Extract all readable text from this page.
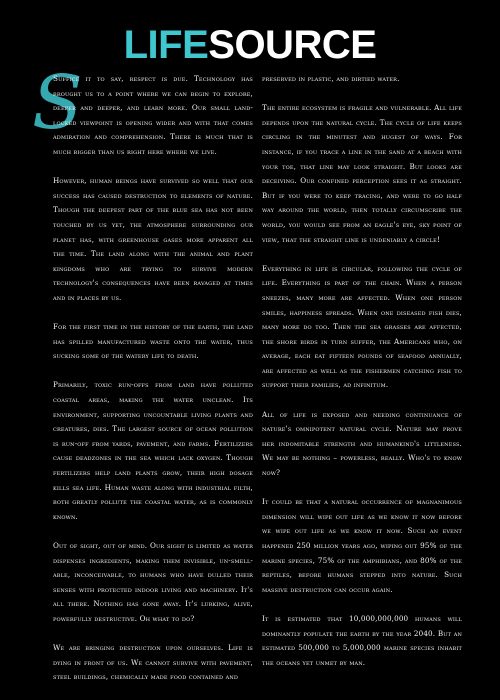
LIFESOURCE
S

Suffice it to say, respect is due. Technology has brought us to a point where we can begin to explore, deeper and deeper, and learn more. Our small land-locked viewpoint is opening wider and with that comes admiration and comprehension. There is much that is much bigger than us right here where we live.

However, human beings have survived so well that our success has caused destruction to elements of nature. Though the deepest part of the blue sea has not been touched by us yet, the atmosphere surrounding our planet has, with greenhouse gases more apparent all the time. The land along with the animal and plant kingdoms who are trying to survive modern technology's consequences have been ravaged at times and in places by us.

For the first time in the history of the earth, the land has spilled manufactured waste onto the water, thus sucking some of the watery life to death.

Primarily, toxic run-offs from land have polluted coastal areas, making the water unclean. Its environment, supporting uncountable living plants and creatures, dies. The largest source of ocean pollution is run-off from yards, pavement, and farms. Fertilizers cause deadzones in the sea which lack oxygen. Though fertilizers help land plants grow, their high dosage kills sea life. Human waste along with industrial filth, both greatly pollute the coastal water, as is commonly known.

Out of sight, out of mind. Our sight is limited as water dispenses ingredients, making them invisible, un-smell-able, inconceivable, to humans who have dulled their senses with protected indoor living and machinery. It's all there. Nothing has gone away. It's lurking, alive, powerfully destructive. Oh what to do?

We are bringing destruction upon ourselves. Life is dying in front of us. We cannot survive with pavement, steel buildings, chemically made food contained and

preserved in plastic, and dirtied water.

The entire ecosystem is fragile and vulnerable. All life depends upon the natural cycle. The cycle of life keeps circling in the minutest and hugest of ways. For instance, if you trace a line in the sand at a beach with your toe, that line may look straight. But looks are deceiving. Our confined perception sees it as straight. But if you were to keep tracing, and were to go half way around the world, then totally circumscribe the world, you would see from an eagle's eye, sky point of view, that the straight line is undeniably a circle!

Everything in life is circular, following the cycle of life. Everything is part of the chain. When a person sneezes, many more are affected. When one person smiles, happiness spreads. When one diseased fish dies, many more do too. Then the sea grasses are affected, the shore birds in turn suffer, the Americans who, on average, each eat fifteen pounds of seafood annually, are affected as well as the fishermen catching fish to support their families, ad infinitum.

All of life is exposed and needing continuance of nature's omnipotent natural cycle. Nature may prove her indomitable strength and humankind's littleness. We may be nothing – powerless, really. Who's to know now?

It could be that a natural occurrence of magnanimous dimension will wipe out life as we know it now before we wipe out life as we know it now. Such an event happened 250 million years ago, wiping out 95% of the marine species, 75% of the amphibians, and 80% of the reptiles, before humans stepped into nature. Such massive destruction can occur again.

It is estimated that 10,000,000,000 humans will dominantly populate the earth by the year 2040. But an estimated 500,000 to 5,000,000 marine species inhabit the oceans yet unmet by man.
